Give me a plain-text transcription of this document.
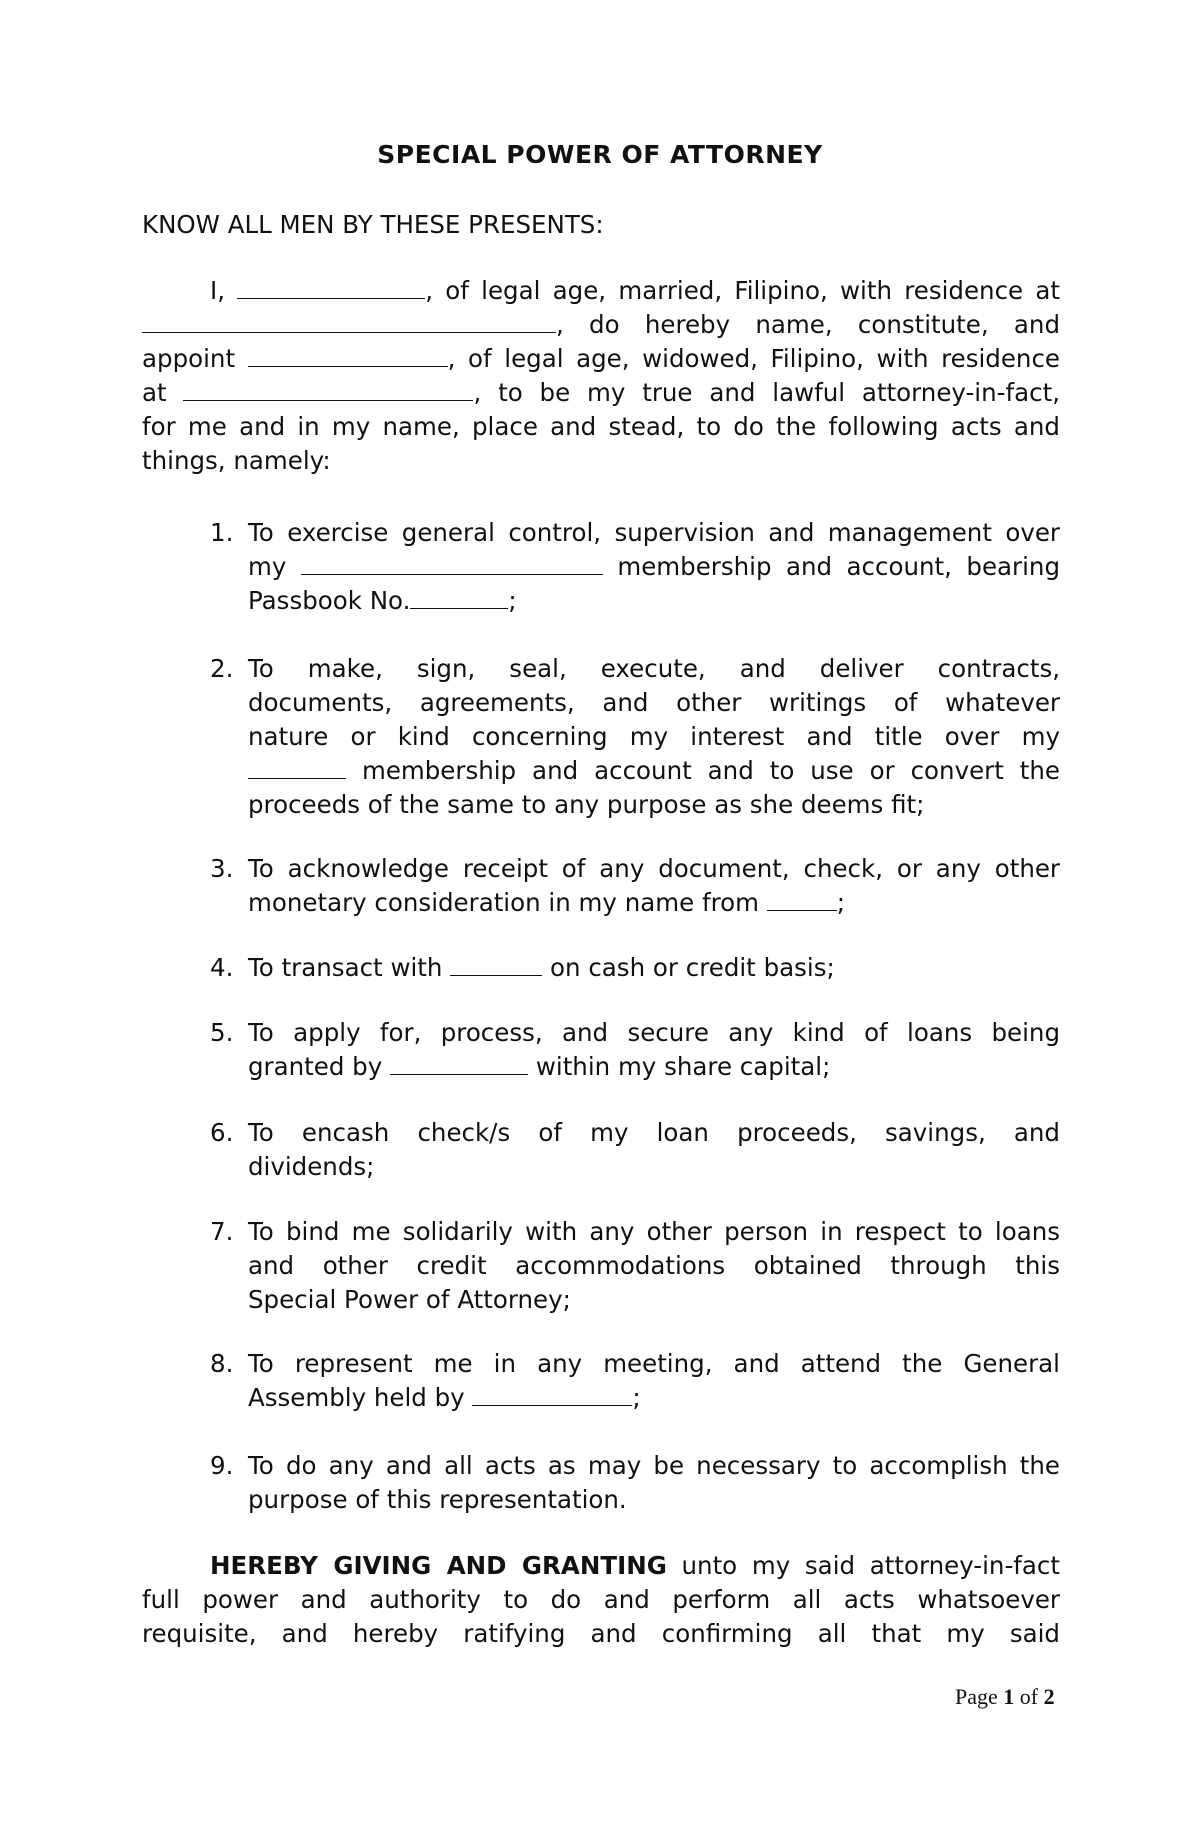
SPECIAL POWER OF ATTORNEY
KNOW ALL MEN BY THESE PRESENTS:
I,	, of legal age, married, Filipino, with residence at
, do hereby name, constitute, and
appoint	, of legal age, widowed, Filipino, with residence
at	, to be my true and lawful attorney-in-fact,
for me and in my name, place and stead, to do the following acts and
things, namely:
1. To exercise general control, supervision and management over
my	membership and account, bearing
Passbook No.	;
2. To make, sign, seal, execute, and deliver contracts,
documents, agreements, and other writings of whatever
nature or kind concerning my interest and title over my
membership and account and to use or convert the
proceeds of the same to any purpose as she deems fit;
3. To acknowledge receipt of any document, check, or any other
monetary consideration in my name from	;
4. To transact with	on cash or credit basis;
5. To apply for, process, and secure any kind of loans being
granted by	within my share capital;
6. To encash check/s of my loan proceeds, savings, and
dividends;
7. To bind me solidarily with any other person in respect to loans
and other credit accommodations obtained through this
Special Power of Attorney;
8. To represent me in any meeting, and attend the General
Assembly held by	;
9. To do any and all acts as may be necessary to accomplish the
purpose of this representation.
HEREBY GIVING AND GRANTING unto my said attorney-in-fact
full power and authority to do and perform all acts whatsoever
requisite, and hereby ratifying and confirming all that my said
Page 1 of 2
